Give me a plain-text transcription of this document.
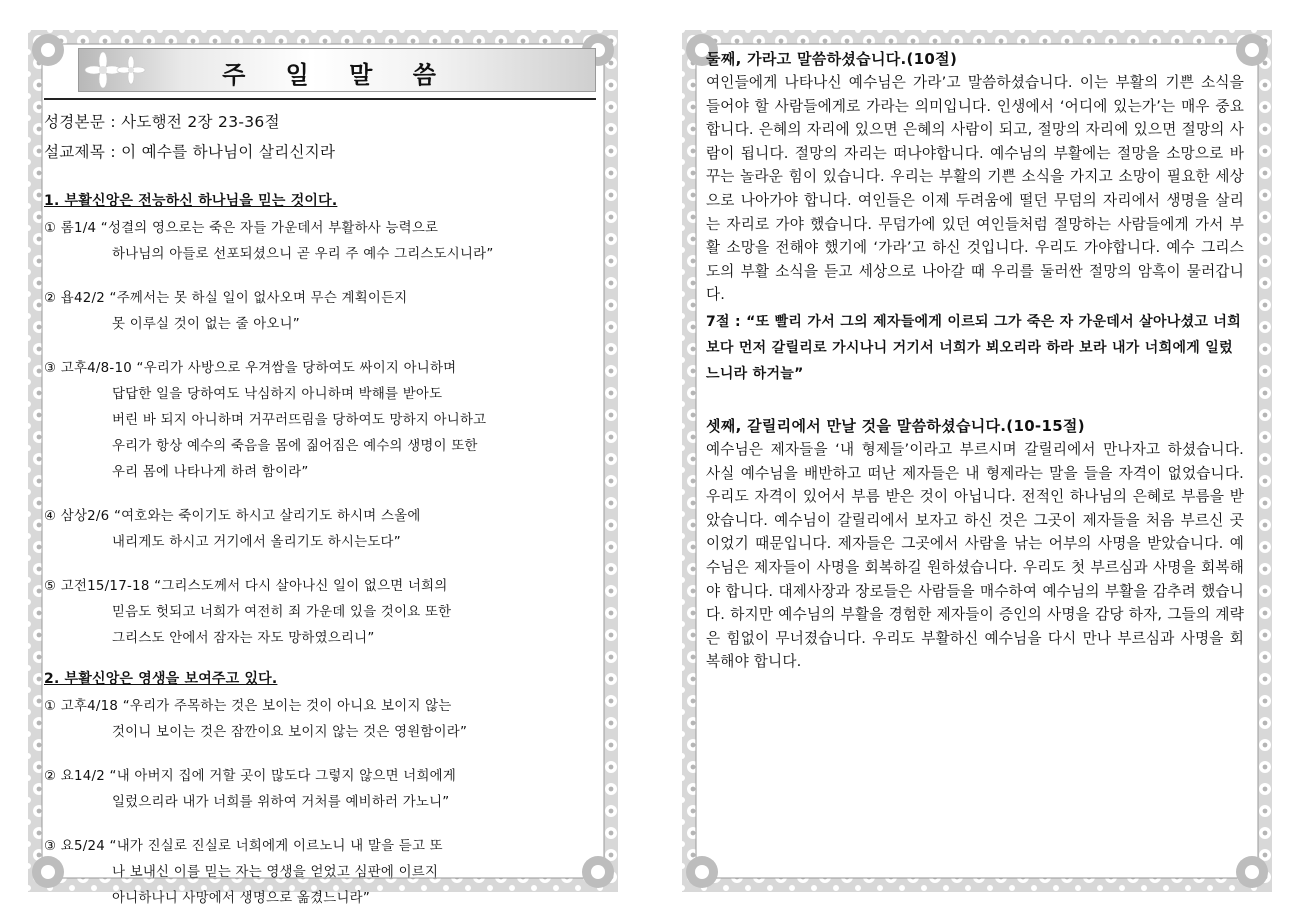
주 일 말 씀
성경본문 : 사도행전 2장 23-36절
설교제목 : 이 예수를 하나님이 살리신지라
1. 부활신앙은 전능하신 하나님을 믿는 것이다.
① 롬1/4 “성결의 영으로는 죽은 자들 가운데서 부활하사 능력으로
하나님의 아들로 선포되셨으니 곧 우리 주 예수 그리스도시니라”
② 욥42/2 “주께서는 못 하실 일이 없사오며 무슨 계획이든지
못 이루실 것이 없는 줄 아오니”
③ 고후4/8-10 “우리가 사방으로 우겨쌈을 당하여도 싸이지 아니하며
답답한 일을 당하여도 낙심하지 아니하며 박해를 받아도
버린 바 되지 아니하며 거꾸러뜨림을 당하여도 망하지 아니하고
우리가 항상 예수의 죽음을 몸에 짊어짐은 예수의 생명이 또한
우리 몸에 나타나게 하려 함이라”
④ 삼상2/6 “여호와는 죽이기도 하시고 살리기도 하시며 스올에
내리게도 하시고 거기에서 올리기도 하시는도다”
⑤ 고전15/17-18 “그리스도께서 다시 살아나신 일이 없으면 너희의
믿음도 헛되고 너희가 여전히 죄 가운데 있을 것이요 또한
그리스도 안에서 잠자는 자도 망하였으리니”
2. 부활신앙은 영생을 보여주고 있다.
① 고후4/18 “우리가 주목하는 것은 보이는 것이 아니요 보이지 않는
것이니 보이는 것은 잠깐이요 보이지 않는 것은 영원함이라”
② 요14/2 “내 아버지 집에 거할 곳이 많도다 그렇지 않으면 너희에게
일렀으리라 내가 너희를 위하여 거처를 예비하러 가노니”
③ 요5/24 “내가 진실로 진실로 너희에게 이르노니 내 말을 듣고 또
나 보내신 이를 믿는 자는 영생을 얻었고 심판에 이르지
아니하나니 사망에서 생명으로 옮겼느니라”
둘째, 가라고 말씀하셨습니다.(10절)
여인들에게 나타나신 예수님은 가라’고 말씀하셨습니다. 이는 부활의 기쁜 소식을 들어야 할 사람들에게로 가라는 의미입니다. 인생에서 ‘어디에 있는가’는 매우 중요합니다. 은혜의 자리에 있으면 은혜의 사람이 되고, 절망의 자리에 있으면 절망의 사람이 됩니다. 절망의 자리는 떠나야합니다. 예수님의 부활에는 절망을 소망으로 바꾸는 놀라운 힘이 있습니다. 우리는 부활의 기쁜 소식을 가지고 소망이 필요한 세상으로 나아가야 합니다. 여인들은 이제 두려움에 떨던 무덤의 자리에서 생명을 살리는 자리로 가야 했습니다. 무덤가에 있던 여인들처럼 절망하는 사람들에게 가서 부활 소망을 전해야 했기에 ‘가라’고 하신 것입니다. 우리도 가야합니다. 예수 그리스도의 부활 소식을 듣고 세상으로 나아갈 때 우리를 둘러싼 절망의 암흑이 물러갑니다.
7절 : “또 빨리 가서 그의 제자들에게 이르되 그가 죽은 자 가운데서 살아나셨고 너희보다 먼저 갈릴리로 가시나니 거기서 너희가 뵈오리라 하라 보라 내가 너희에게 일렀느니라 하거늘”
셋째, 갈릴리에서 만날 것을 말씀하셨습니다.(10-15절)
예수님은 제자들을 ‘내 형제들’이라고 부르시며 갈릴리에서 만나자고 하셨습니다. 사실 예수님을 배반하고 떠난 제자들은 내 형제라는 말을 들을 자격이 없었습니다. 우리도 자격이 있어서 부름 받은 것이 아닙니다. 전적인 하나님의 은혜로 부름을 받았습니다. 예수님이 갈릴리에서 보자고 하신 것은 그곳이 제자들을 처음 부르신 곳이었기 때문입니다. 제자들은 그곳에서 사람을 낚는 어부의 사명을 받았습니다. 예수님은 제자들이 사명을 회복하길 원하셨습니다. 우리도 첫 부르심과 사명을 회복해야 합니다. 대제사장과 장로들은 사람들을 매수하여 예수님의 부활을 감추려 했습니다. 하지만 예수님의 부활을 경험한 제자들이 증인의 사명을 감당 하자, 그들의 계략은 힘없이 무너졌습니다. 우리도 부활하신 예수님을 다시 만나 부르심과 사명을 회복해야 합니다.
